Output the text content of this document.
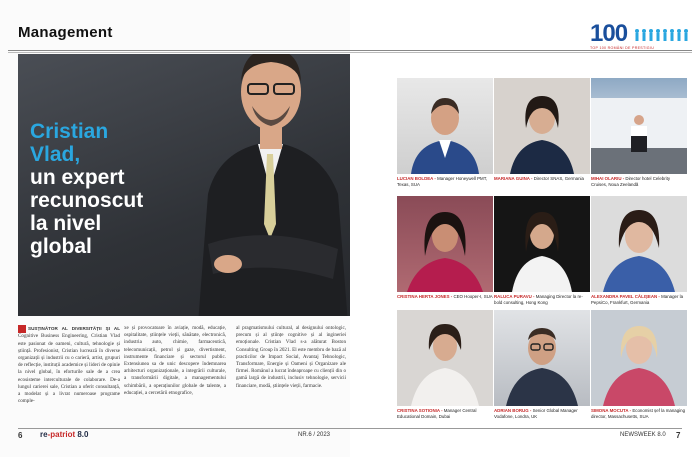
Management	100
TOP 100 ROMÂNI DE PRESTIGIU
Cristian
Vlad,
un expert
recunoscut
la nivel
global

SUSȚINĂTOR AL DIVERSITĂȚII ȘI AL Cognitive Business Engineering, Cristian Vlad este pasionat de oameni, cultură, tehnologie și știință. Profesionist, Cristian lucrează în diverse organizații și industrii cu o carieră, artist, grupuri de reflecție, instituții academice și lideri de opinie la nivel global, în eforturile sale de a crea ecosisteme interculturale de colaborare. De-a lungul carierei sale, Cristian a oferit consultanță, a modelat și a livrat numeroase programe comple-

xe și provocatoare în aviație, modă, educație, ospitalitate, științele vieții, sănătate, electronică, industria auto, chimie, farmaceutică, telecomunicații, petrol și gaze, divertisment, instrumente financiare și sectorul public. Extensiunea sa de unic descopere îndemnarea arhitecturi organizaționale, a integrării culturale, a transformării digitale, a managementului schimbării, a operațiunilor globale de talente, a educației, a cercetării etnografice,

al pragmatismului cultural, al designului ontologic, precum și al științe cognitive și al ingineriei emoționale. Cristian Vlad s-a alăturat Boston Consulting Group în 2021. El este membru de bază al practicilor de Impact Social, Avantaj Tehnologic, Transformare, Energie și Oameni și Organizare ale firmei. Românul a lucrat îndeaproape cu clienții din o gamă largă de industrii, inclusiv tehnologie, servicii financiare, modă, științele vieții, farmacie.

LUCIAN BOLDEA - Manager Honeywell PMT, Texas, SUA
MARIANA GUINA - Director SNAS, Germania	MIHAI OLARIU - Director hotel Celebrity Cruises, Noua Zeelandă
CRISTINA HERTA JONES - CEO Hooper-I, SUA RALUCA PURAVU - Managing Director la re-bold consulting, Hong Kong
ALEXANDRA PAVEL CĂLIȘEAN - Manager la PepsiCo, Frankfurt, Germania
CRISTINA SOTIONIA - Manager Central Educational Domain, Dubai
ADRIAN BORUG - Senior Global Manager Vodafone, Londra, UK
SIMONA MOCUTA - Economist șef la managing director, Massachusetts, SUA
6 re-patriot 8.0	NR.6 / 2023	NEWSWEEK 8.0 7
